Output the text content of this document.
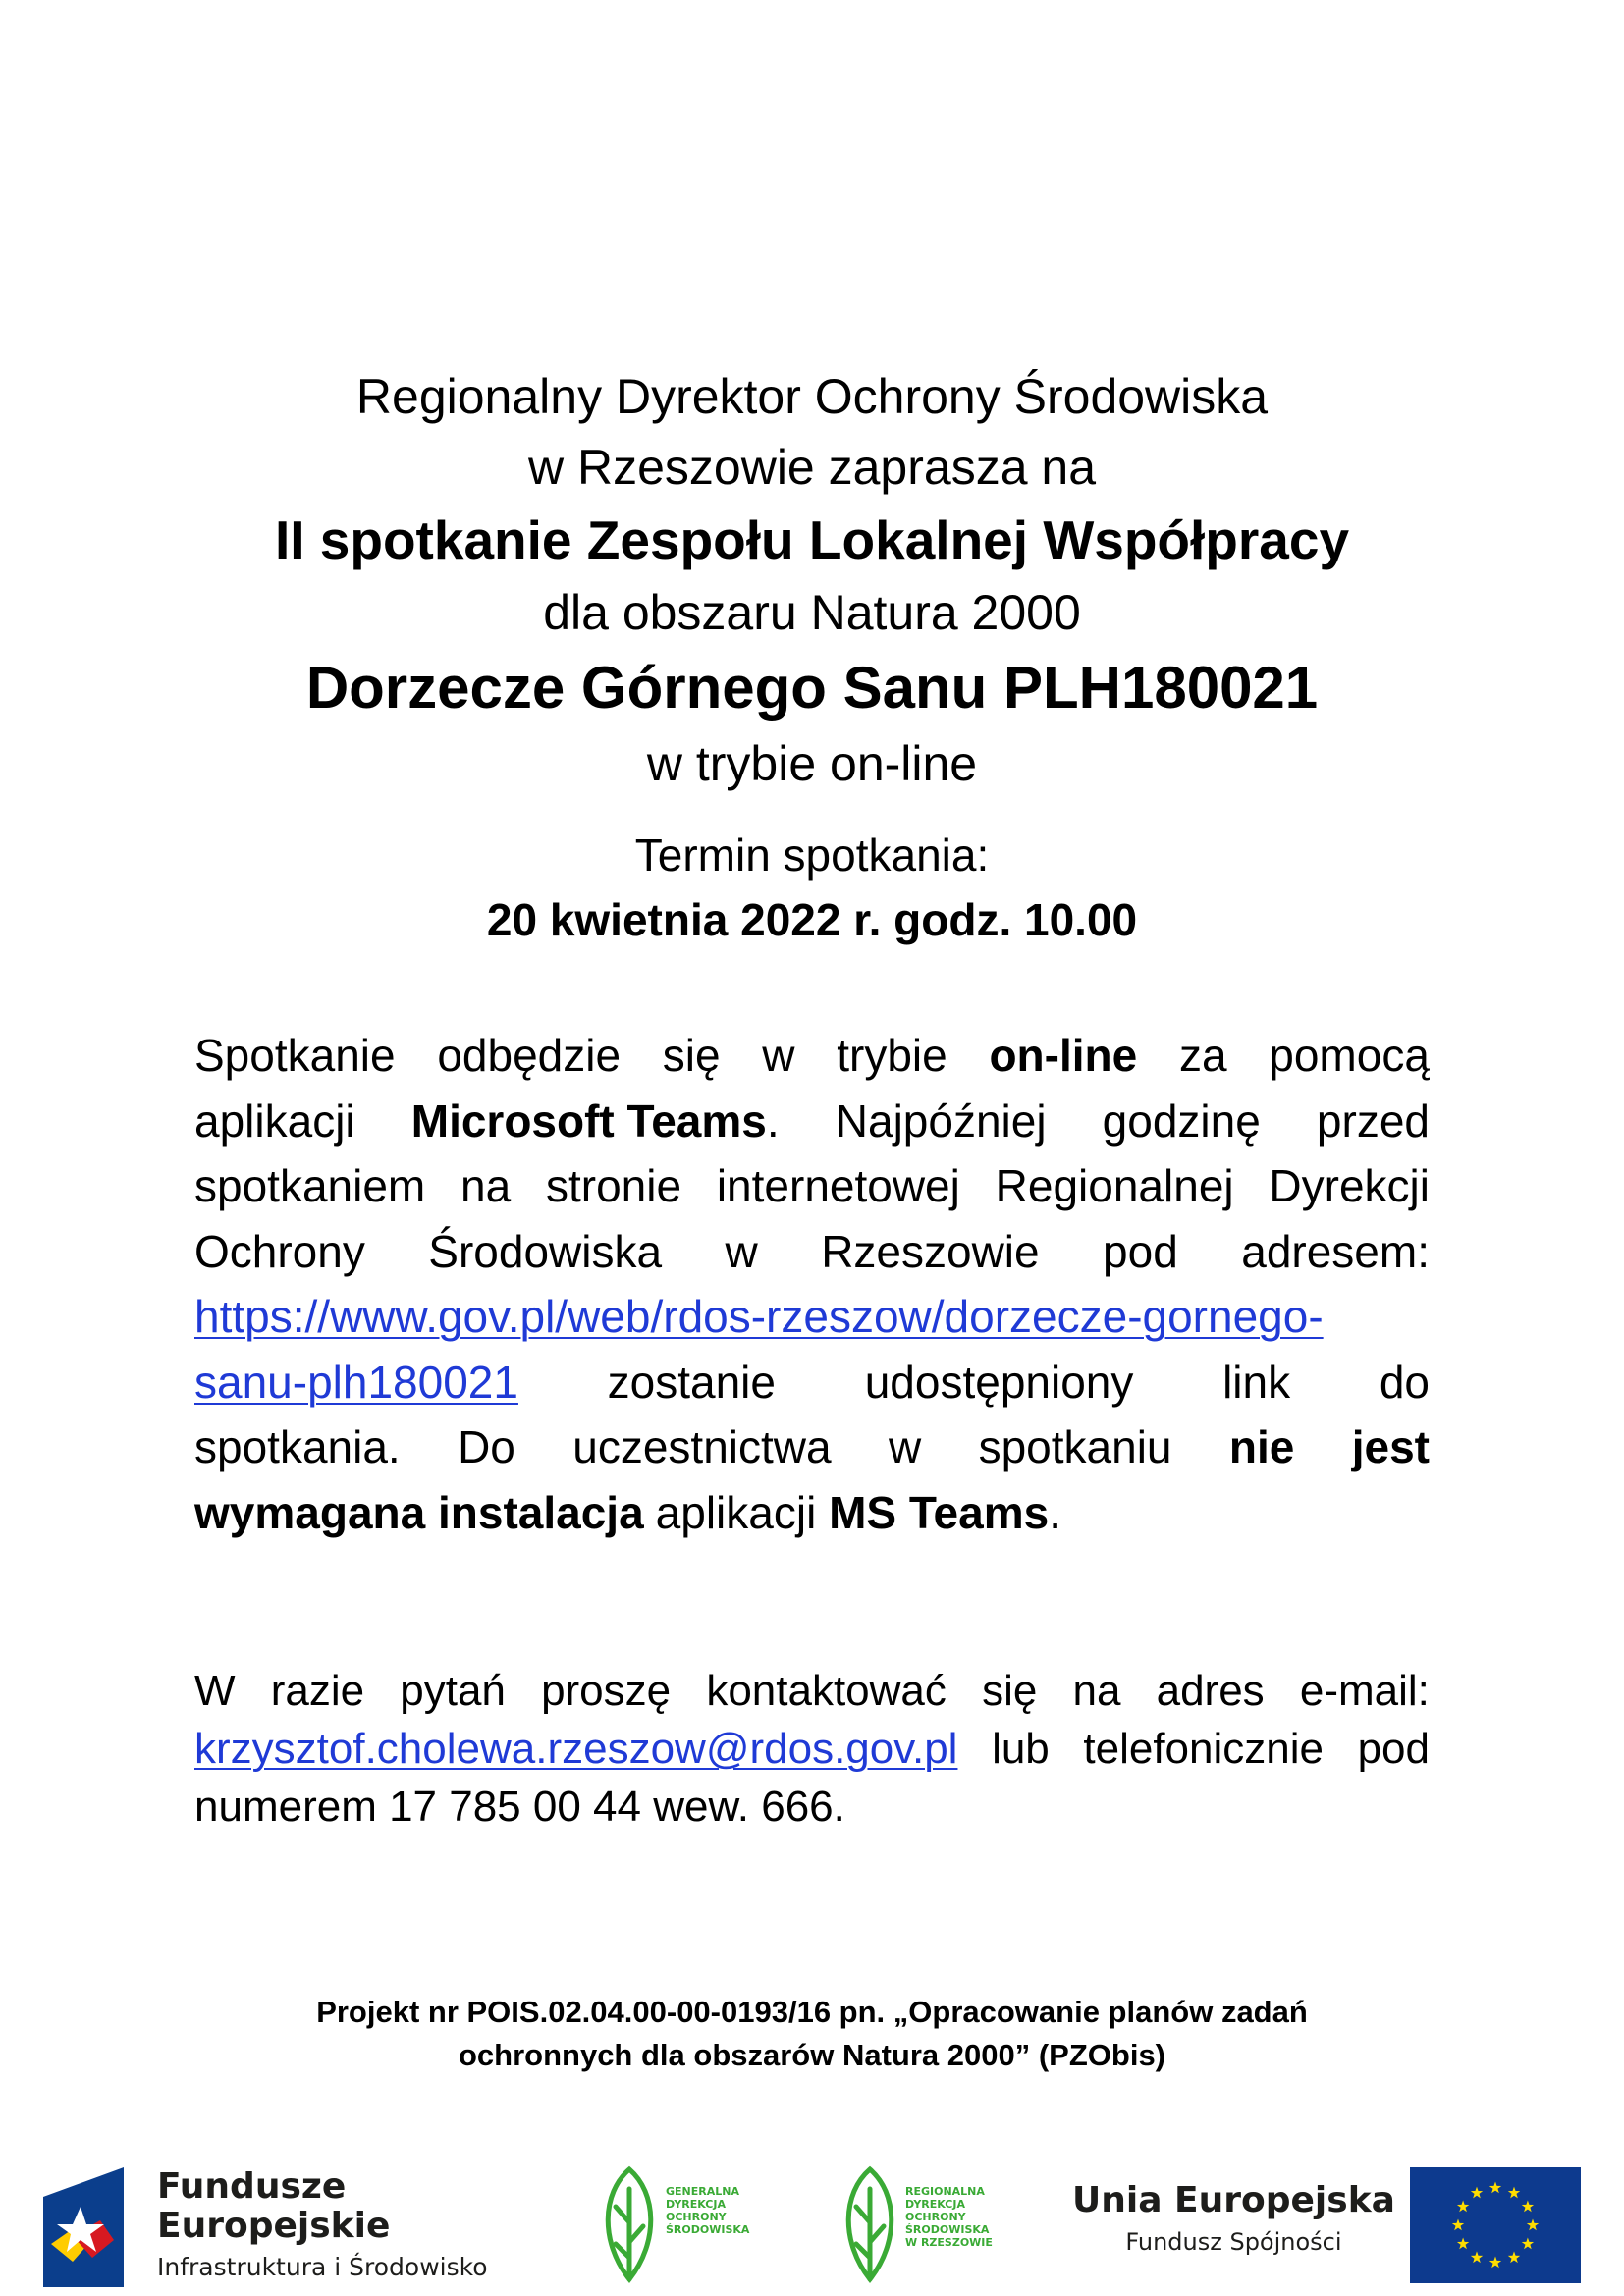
Regionalny Dyrektor Ochrony Środowiska
w Rzeszowie zaprasza na
II spotkanie Zespołu Lokalnej Współpracy
dla obszaru Natura 2000
Dorzecze Górnego Sanu PLH180021
w trybie on-line
Termin spotkania:
20 kwietnia 2022 r. godz. 10.00
Spotkanie odbędzie się w trybie on-line za pomocą
aplikacji Microsoft Teams. Najpóźniej godzinę przed
spotkaniem na stronie internetowej Regionalnej Dyrekcji
Ochrony Środowiska w Rzeszowie pod adresem:
https://www.gov.pl/web/rdos-rzeszow/dorzecze-gornego-
sanu-plh180021 zostanie udostępniony link do
spotkania. Do uczestnictwa w spotkaniu nie jest
wymagana instalacja aplikacji MS Teams.
W razie pytań proszę kontaktować się na adres e-mail:
krzysztof.cholewa.rzeszow@rdos.gov.pl lub telefonicznie pod
numerem 17 785 00 44 wew. 666.
Projekt nr POIS.02.04.00-00-0193/16 pn. „Opracowanie planów zadań
ochronnych dla obszarów Natura 2000” (PZObis)
Fundusze
Europejskie
Infrastruktura i Środowisko
GENERALNA
DYREKCJA
OCHRONY
ŚRODOWISKA
REGIONALNA
DYREKCJA
OCHRONY
ŚRODOWISKA
W RZESZOWIE
Unia Europejska
Fundusz Spójności
